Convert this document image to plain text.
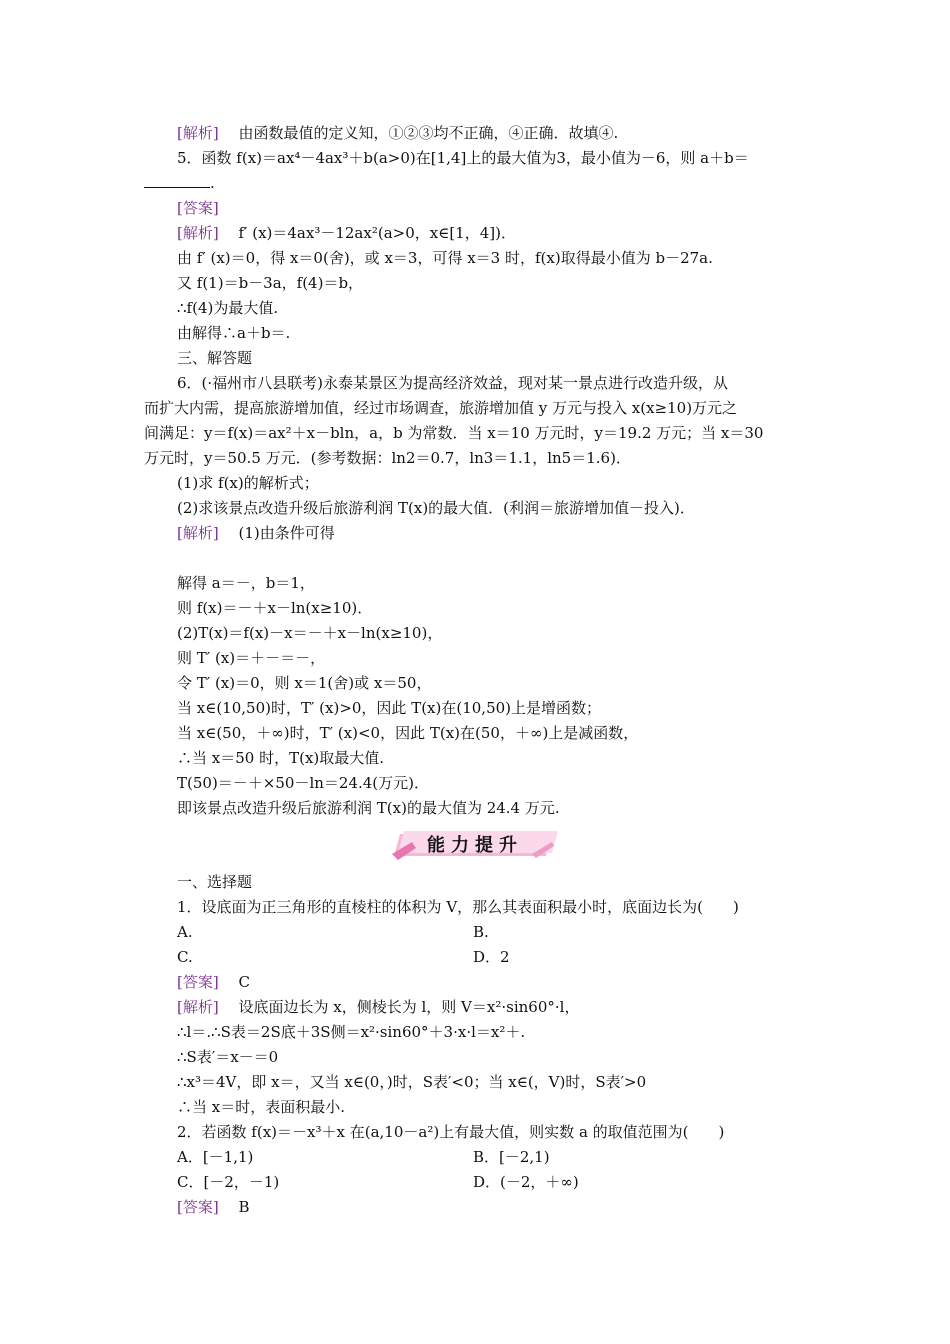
[解析]　 由函数最值的定义知，①②③均不正确，④正确．故填④.
5．函数 f(x)＝ax⁴－4ax³＋b(a>0)在[1,4]上的最大值为3，最小值为－6，则 a＋b＝
.
[答案]
[解析]　 f′ (x)＝4ax³－12ax²(a>0，x∈[1，4])．
由 f′ (x)＝0，得 x＝0(舍)，或 x＝3，可得 x＝3 时，f(x)取得最小值为 b－27a.
又 f(1)＝b－3a，f(4)＝b，
∴f(4)为最大值.
由解得∴a＋b＝.
三、解答题
6．(·福州市八县联考)永泰某景区为提高经济效益，现对某一景点进行改造升级，从
而扩大内需，提高旅游增加值，经过市场调查，旅游增加值 y 万元与投入 x(x≥10)万元之
间满足：y＝f(x)＝ax²＋x－bln，a，b 为常数．当 x＝10 万元时，y＝19.2 万元；当 x＝30
万元时，y＝50.5 万元．(参考数据：ln2＝0.7，ln3＝1.1，ln5＝1.6)．
(1)求 f(x)的解析式；
(2)求该景点改造升级后旅游利润 T(x)的最大值．(利润＝旅游增加值－投入)．
[解析]　 (1)由条件可得
解得 a＝－，b＝1，
则 f(x)＝－＋x－ln(x≥10)．
(2)T(x)＝f(x)－x＝－＋x－ln(x≥10)，
则 T′ (x)＝＋－＝－，
令 T′ (x)＝0，则 x＝1(舍)或 x＝50，
当 x∈(10,50)时，T′ (x)>0，因此 T(x)在(10,50)上是增函数；
当 x∈(50，＋∞)时，T′ (x)<0，因此 T(x)在(50，＋∞)上是减函数，
∴当 x＝50 时，T(x)取最大值.
T(50)＝－＋×50－ln＝24.4(万元)．
即该景点改造升级后旅游利润 T(x)的最大值为 24.4 万元.
能力提升
一、选择题
1．设底面为正三角形的直棱柱的体积为 V，那么其表面积最小时，底面边长为(　　)
A.	B.
C.	D．2
[答案]　 C
[解析]　 设底面边长为 x，侧棱长为 l，则 V＝x²·sin60°·l，
∴l＝.∴S表＝2S底＋3S侧＝x²·sin60°＋3·x·l＝x²＋.
∴S表′＝x－＝0
∴x³＝4V，即 x＝，又当 x∈(0，)时，S表′<0；当 x∈(，V)时，S表′>0
∴当 x＝时，表面积最小.
2．若函数 f(x)＝－x³＋x 在(a,10－a²)上有最大值，则实数 a 的取值范围为(　　)
A．[－1,1)	B．[－2,1)
C．[－2，－1)	D．(－2，＋∞)
[答案]　 B
